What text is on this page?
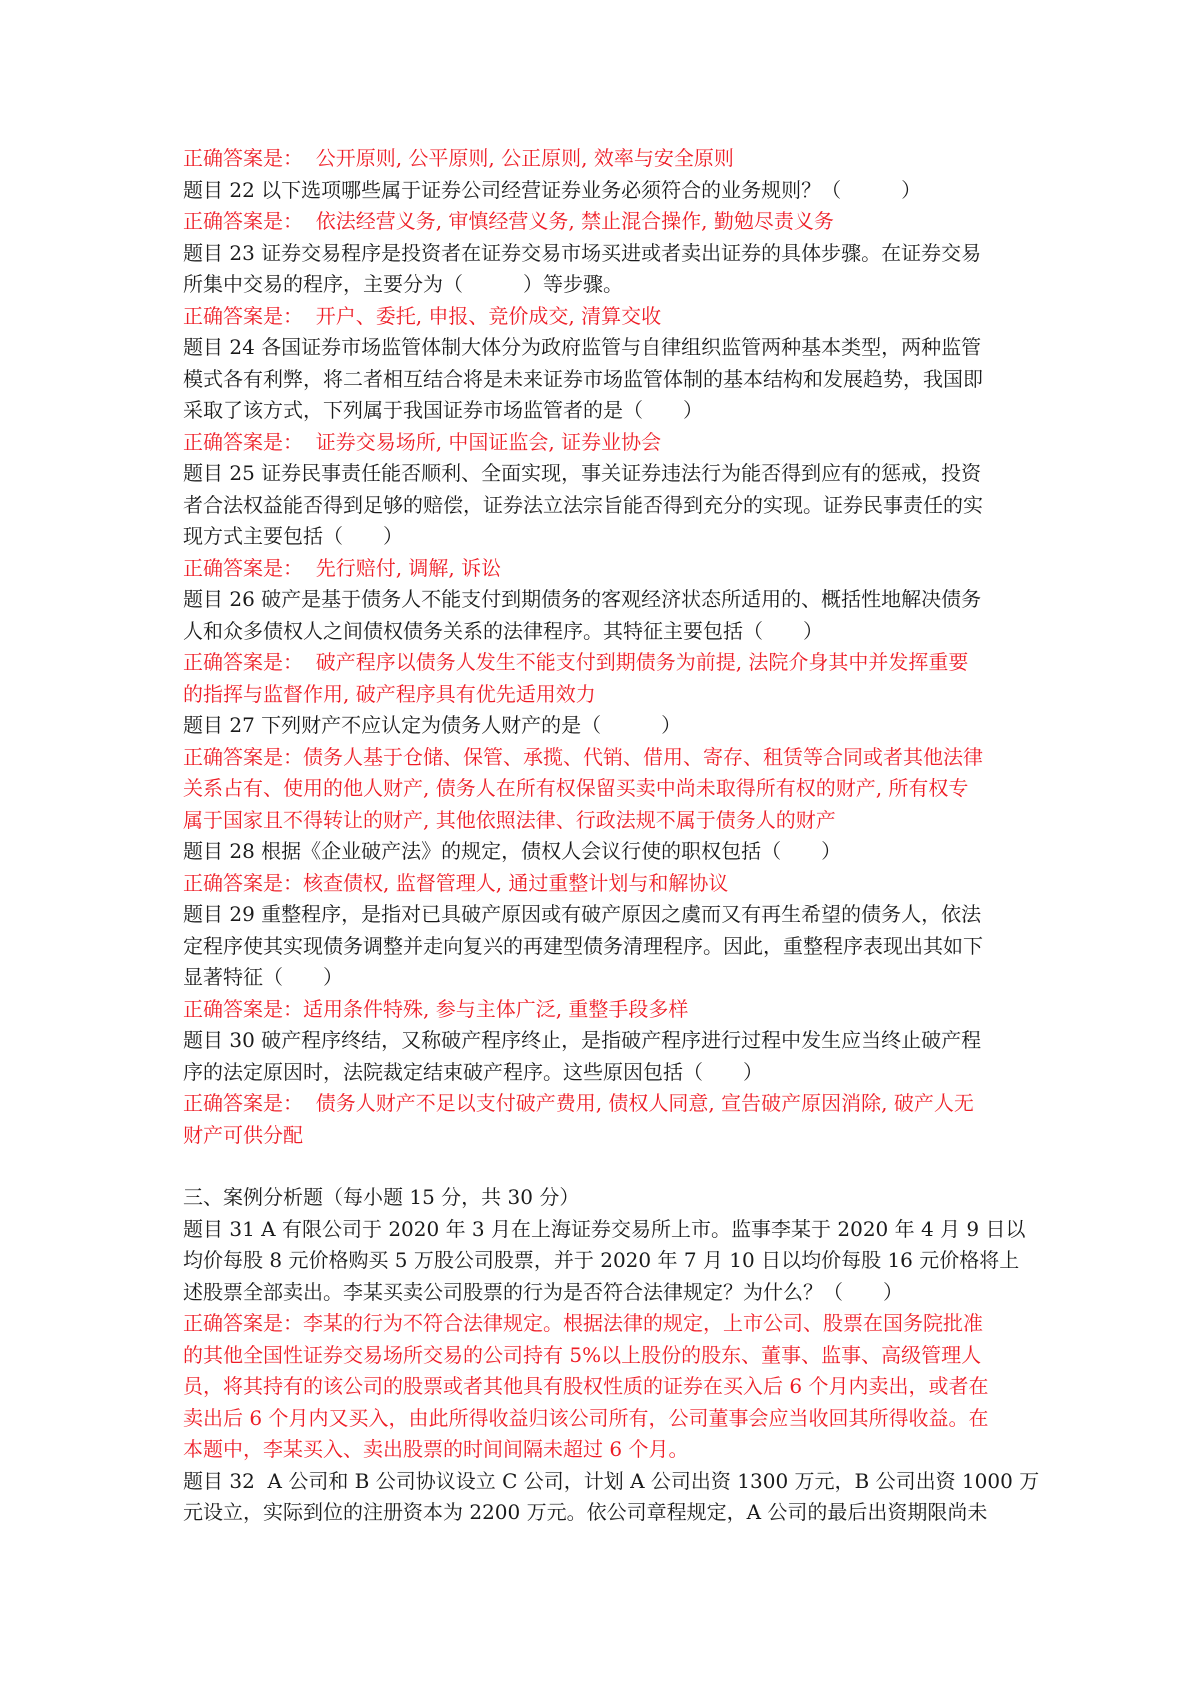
正确答案是：  公开原则, 公平原则, 公正原则, 效率与安全原则
题目 22 以下选项哪些属于证券公司经营证券业务必须符合的业务规则？（　　　）
正确答案是：  依法经营义务, 审慎经营义务, 禁止混合操作, 勤勉尽责义务
题目 23 证券交易程序是投资者在证券交易市场买进或者卖出证券的具体步骤。在证券交易
所集中交易的程序，主要分为（　　　）等步骤。
正确答案是：  开户、委托, 申报、竞价成交, 清算交收
题目 24 各国证券市场监管体制大体分为政府监管与自律组织监管两种基本类型，两种监管
模式各有利弊，将二者相互结合将是未来证券市场监管体制的基本结构和发展趋势，我国即
采取了该方式，下列属于我国证券市场监管者的是（　　）
正确答案是：  证券交易场所, 中国证监会, 证券业协会
题目 25 证券民事责任能否顺利、全面实现，事关证券违法行为能否得到应有的惩戒，投资
者合法权益能否得到足够的赔偿，证券法立法宗旨能否得到充分的实现。证券民事责任的实
现方式主要包括（　　）
正确答案是：  先行赔付, 调解, 诉讼
题目 26 破产是基于债务人不能支付到期债务的客观经济状态所适用的、概括性地解决债务
人和众多债权人之间债权债务关系的法律程序。其特征主要包括（　　）
正确答案是：  破产程序以债务人发生不能支付到期债务为前提, 法院介身其中并发挥重要
的指挥与监督作用, 破产程序具有优先适用效力
题目 27 下列财产不应认定为债务人财产的是（　　　）
正确答案是：债务人基于仓储、保管、承揽、代销、借用、寄存、租赁等合同或者其他法律
关系占有、使用的他人财产, 债务人在所有权保留买卖中尚未取得所有权的财产, 所有权专
属于国家且不得转让的财产, 其他依照法律、行政法规不属于债务人的财产
题目 28 根据《企业破产法》的规定，债权人会议行使的职权包括（　　）
正确答案是：核查债权, 监督管理人, 通过重整计划与和解协议
题目 29 重整程序，是指对已具破产原因或有破产原因之虞而又有再生希望的债务人，依法
定程序使其实现债务调整并走向复兴的再建型债务清理程序。因此，重整程序表现出其如下
显著特征（　　）
正确答案是：适用条件特殊, 参与主体广泛, 重整手段多样
题目 30 破产程序终结，又称破产程序终止，是指破产程序进行过程中发生应当终止破产程
序的法定原因时，法院裁定结束破产程序。这些原因包括（　　）
正确答案是：  债务人财产不足以支付破产费用, 债权人同意, 宣告破产原因消除, 破产人无
财产可供分配
三、案例分析题（每小题 15 分，共 30 分）
题目 31 A 有限公司于 2020 年 3 月在上海证券交易所上市。监事李某于 2020 年 4 月 9 日以
均价每股 8 元价格购买 5 万股公司股票，并于 2020 年 7 月 10 日以均价每股 16 元价格将上
述股票全部卖出。李某买卖公司股票的行为是否符合法律规定？为什么？（　　）
正确答案是：李某的行为不符合法律规定。根据法律的规定，上市公司、股票在国务院批准
的其他全国性证券交易场所交易的公司持有 5%以上股份的股东、董事、监事、高级管理人
员，将其持有的该公司的股票或者其他具有股权性质的证券在买入后 6 个月内卖出，或者在
卖出后 6 个月内又买入，由此所得收益归该公司所有，公司董事会应当收回其所得收益。在
本题中，李某买入、卖出股票的时间间隔未超过 6 个月。
题目 32  A 公司和 B 公司协议设立 C 公司，计划 A 公司出资 1300 万元，B 公司出资 1000 万
元设立，实际到位的注册资本为 2200 万元。依公司章程规定，A 公司的最后出资期限尚未
